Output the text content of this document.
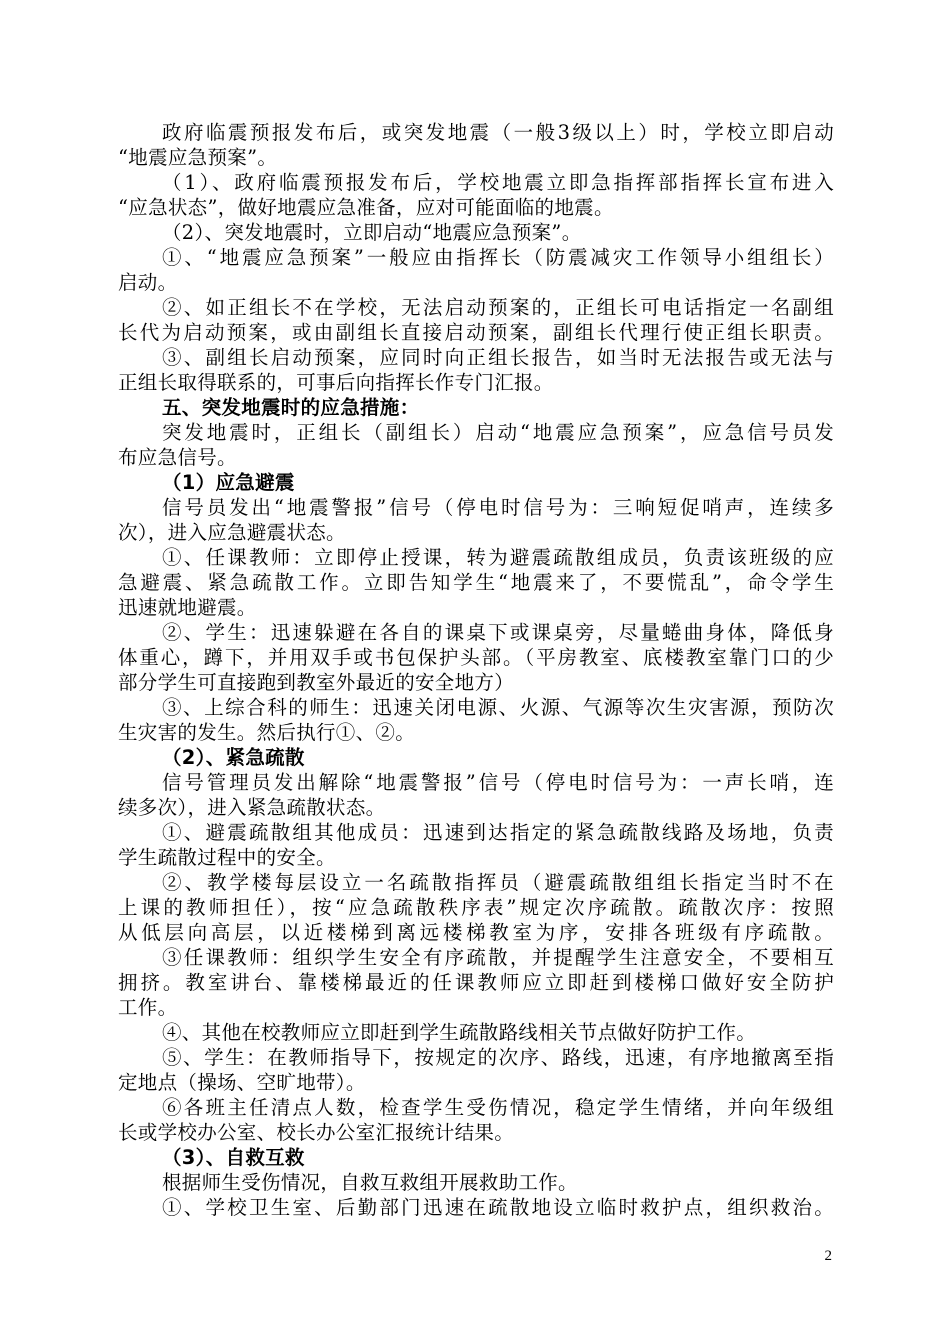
政府临震预报发布后，或突发地震（一般3级以上）时，学校立即启动
“地震应急预案”。
（1）、政府临震预报发布后，学校地震立即急指挥部指挥长宣布进入
“应急状态”，做好地震应急准备，应对可能面临的地震。
（2）、突发地震时，立即启动“地震应急预案”。
①、“地震应急预案”一般应由指挥长（防震减灾工作领导小组组长）
启动。
②、如正组长不在学校，无法启动预案的，正组长可电话指定一名副组
长代为启动预案，或由副组长直接启动预案，副组长代理行使正组长职责。
③、副组长启动预案，应同时向正组长报告，如当时无法报告或无法与
正组长取得联系的，可事后向指挥长作专门汇报。
五、突发地震时的应急措施：
突发地震时，正组长（副组长）启动“地震应急预案”，应急信号员发
布应急信号。
（1）应急避震
信号员发出“地震警报”信号（停电时信号为：三响短促哨声，连续多
次），进入应急避震状态。
①、任课教师：立即停止授课，转为避震疏散组成员，负责该班级的应
急避震、紧急疏散工作。立即告知学生“地震来了，不要慌乱”，命令学生
迅速就地避震。
②、学生：迅速躲避在各自的课桌下或课桌旁，尽量蜷曲身体，降低身
体重心，蹲下，并用双手或书包保护头部。（平房教室、底楼教室靠门口的少
部分学生可直接跑到教室外最近的安全地方）
③、上综合科的师生：迅速关闭电源、火源、气源等次生灾害源，预防次
生灾害的发生。然后执行①、②。
（2）、紧急疏散
信号管理员发出解除“地震警报”信号（停电时信号为：一声长哨，连
续多次），进入紧急疏散状态。
①、避震疏散组其他成员：迅速到达指定的紧急疏散线路及场地，负责
学生疏散过程中的安全。
②、教学楼每层设立一名疏散指挥员（避震疏散组组长指定当时不在
上课的教师担任），按“应急疏散秩序表”规定次序疏散。疏散次序：按照
从低层向高层，以近楼梯到离远楼梯教室为序，安排各班级有序疏散。
③任课教师：组织学生安全有序疏散，并提醒学生注意安全，不要相互
拥挤。教室讲台、靠楼梯最近的任课教师应立即赶到楼梯口做好安全防护
工作。
④、其他在校教师应立即赶到学生疏散路线相关节点做好防护工作。
⑤、学生：在教师指导下，按规定的次序、路线，迅速，有序地撤离至指
定地点（操场、空旷地带）。
⑥各班主任清点人数，检查学生受伤情况，稳定学生情绪，并向年级组
长或学校办公室、校长办公室汇报统计结果。
（3）、自救互救
根据师生受伤情况，自救互救组开展救助工作。
①、学校卫生室、后勤部门迅速在疏散地设立临时救护点，组织救治。
2
